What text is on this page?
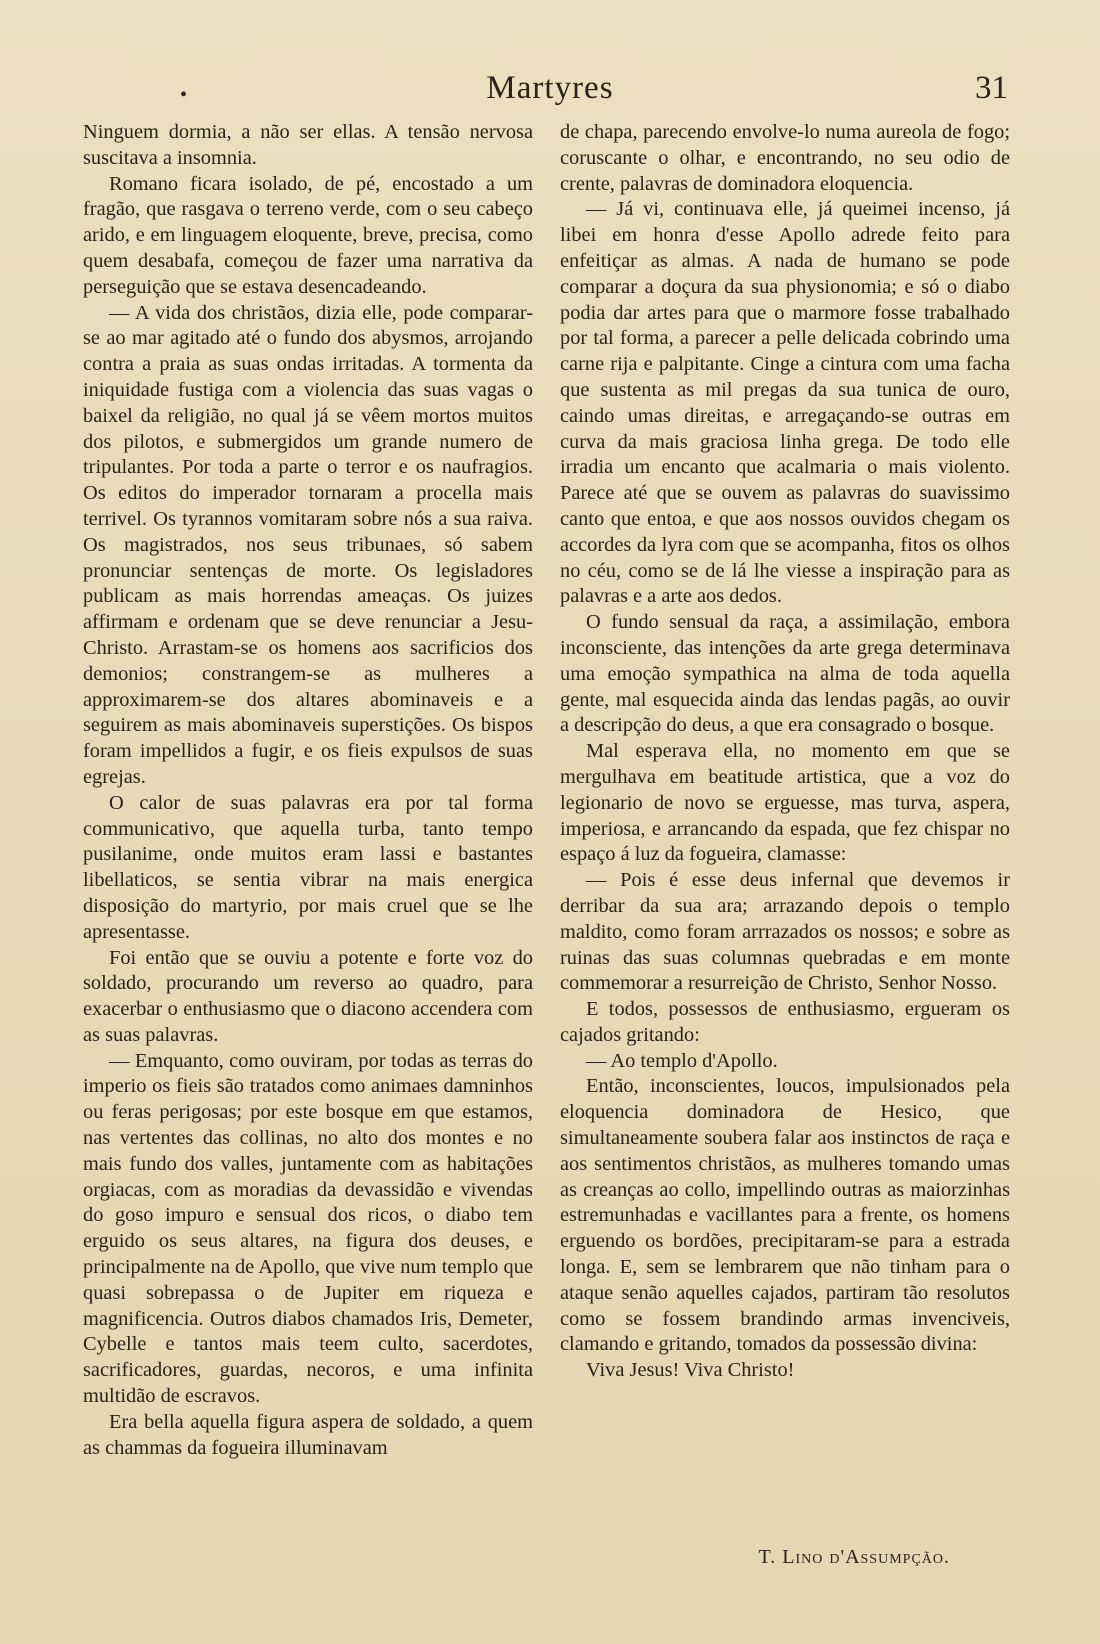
•	Martyres	31

Ninguem dormia, a não ser ellas. A tensão nervosa suscitava a insomnia.

Romano ficara isolado, de pé, encostado a um fragão, que rasgava o terreno verde, com o seu cabeço arido, e em linguagem eloquente, breve, precisa, como quem desabafa, começou de fazer uma narrativa da perseguição que se estava desencadeando.

— A vida dos christãos, dizia elle, pode comparar-se ao mar agitado até o fundo dos abysmos, arrojando contra a praia as suas ondas irritadas. A tormenta da iniquidade fustiga com a violencia das suas vagas o baixel da religião, no qual já se vêem mortos muitos dos pilotos, e submergidos um grande numero de tripulantes. Por toda a parte o terror e os naufragios. Os editos do imperador tornaram a procella mais terrivel. Os tyrannos vomitaram sobre nós a sua raiva. Os magistrados, nos seus tribunaes, só sabem pronunciar sentenças de morte. Os legisladores publicam as mais horrendas ameaças. Os juizes affirmam e ordenam que se deve renunciar a Jesu-Christo. Arrastam-se os homens aos sacrificios dos demonios; constrangem-se as mulheres a approximarem-se dos altares abominaveis e a seguirem as mais abominaveis superstições. Os bispos foram impellidos a fugir, e os fieis expulsos de suas egrejas.

O calor de suas palavras era por tal forma communicativo, que aquella turba, tanto tempo pusilanime, onde muitos eram lassi e bastantes libellaticos, se sentia vibrar na mais energica disposição do martyrio, por mais cruel que se lhe apresentasse.

Foi então que se ouviu a potente e forte voz do soldado, procurando um reverso ao quadro, para exacerbar o enthusiasmo que o diacono accendera com as suas palavras.

— Emquanto, como ouviram, por todas as terras do imperio os fieis são tratados como animaes damninhos ou feras perigosas; por este bosque em que estamos, nas vertentes das collinas, no alto dos montes e no mais fundo dos valles, juntamente com as habitações orgiacas, com as moradias da devassidão e vivendas do goso impuro e sensual dos ricos, o diabo tem erguido os seus altares, na figura dos deuses, e principalmente na de Apollo, que vive num templo que quasi sobrepassa o de Jupiter em riqueza e magnificencia. Outros diabos chamados Iris, Demeter, Cybelle e tantos mais teem culto, sacerdotes, sacrificadores, guardas, necoros, e uma infinita multidão de escravos.

Era bella aquella figura aspera de soldado, a quem as chammas da fogueira illuminavam

de chapa, parecendo envolve-lo numa aureola de fogo; coruscante o olhar, e encontrando, no seu odio de crente, palavras de dominadora eloquencia.

— Já vi, continuava elle, já queimei incenso, já libei em honra d'esse Apollo adrede feito para enfeitiçar as almas. A nada de humano se pode comparar a doçura da sua physionomia; e só o diabo podia dar artes para que o marmore fosse trabalhado por tal forma, a parecer a pelle delicada cobrindo uma carne rija e palpitante. Cinge a cintura com uma facha que sustenta as mil pregas da sua tunica de ouro, caindo umas direitas, e arregaçando-se outras em curva da mais graciosa linha grega. De todo elle irradia um encanto que acalmaria o mais violento. Parece até que se ouvem as palavras do suavissimo canto que entoa, e que aos nossos ouvidos chegam os accordes da lyra com que se acompanha, fitos os olhos no céu, como se de lá lhe viesse a inspiração para as palavras e a arte aos dedos.

O fundo sensual da raça, a assimilação, embora inconsciente, das intenções da arte grega determinava uma emoção sympathica na alma de toda aquella gente, mal esquecida ainda das lendas pagãs, ao ouvir a descripção do deus, a que era consagrado o bosque.

Mal esperava ella, no momento em que se mergulhava em beatitude artistica, que a voz do legionario de novo se erguesse, mas turva, aspera, imperiosa, e arrancando da espada, que fez chispar no espaço á luz da fogueira, clamasse:

— Pois é esse deus infernal que devemos ir derribar da sua ara; arrazando depois o templo maldito, como foram arrrazados os nossos; e sobre as ruinas das suas columnas quebradas e em monte commemorar a resurreição de Christo, Senhor Nosso.

E todos, possessos de enthusiasmo, ergueram os cajados gritando:

— Ao templo d'Apollo.

Então, inconscientes, loucos, impulsionados pela eloquencia dominadora de Hesico, que simultaneamente soubera falar aos instinctos de raça e aos sentimentos christãos, as mulheres tomando umas as creanças ao collo, impellindo outras as maiorzinhas estremunhadas e vacillantes para a frente, os homens erguendo os bordões, precipitaram-se para a estrada longa. E, sem se lembrarem que não tinham para o ataque senão aquelles cajados, partiram tão resolutos como se fossem brandindo armas invenciveis, clamando e gritando, tomados da possessão divina:

Viva Jesus! Viva Christo!

T. Lino d'Assumpção.
